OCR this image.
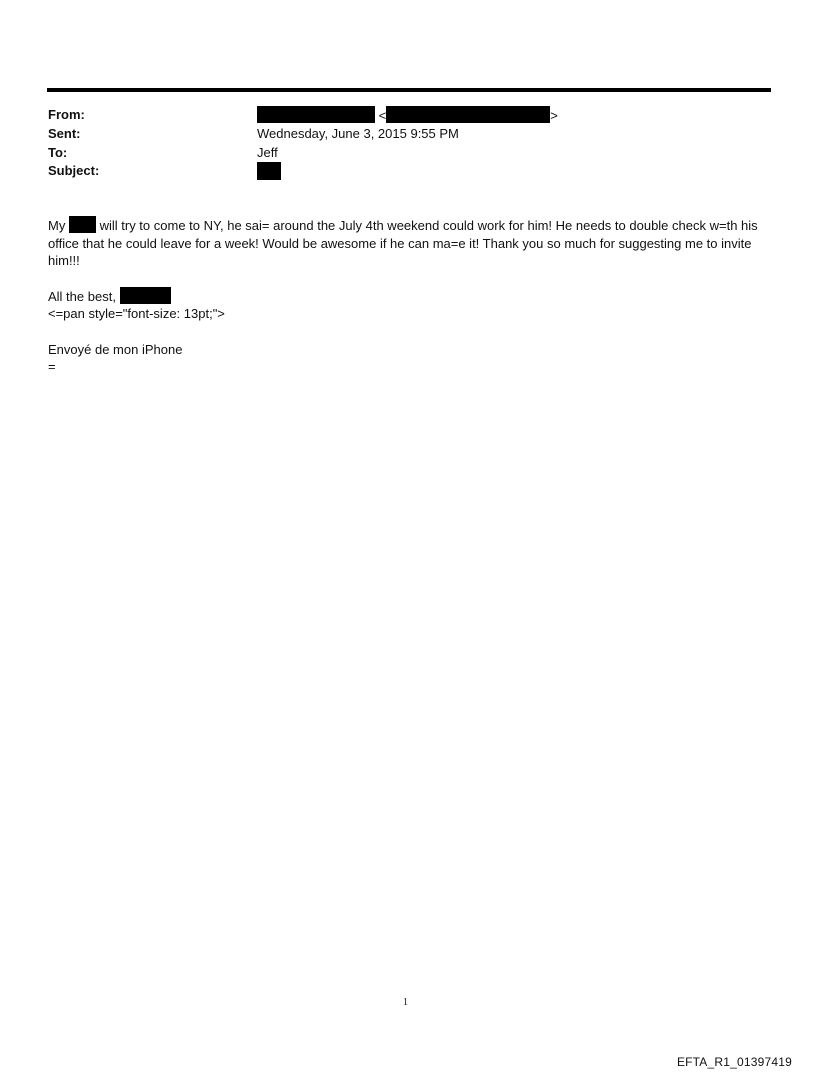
From:	<	>
Sent:	Wednesday, June 3, 2015 9:55 PM
To:	Jeff
Subject:
My	will try to come to NY, he sai= around the July 4th weekend could work for him! He needs to double check w=th his office that he could leave for a week! Would be awesome if he can ma=e it! Thank you so much for suggesting me to invite him!!!
All the best,
<=pan style="font-size: 13pt;">
Envoyé de mon iPhone
=
1
EFTA_R1_01397419
